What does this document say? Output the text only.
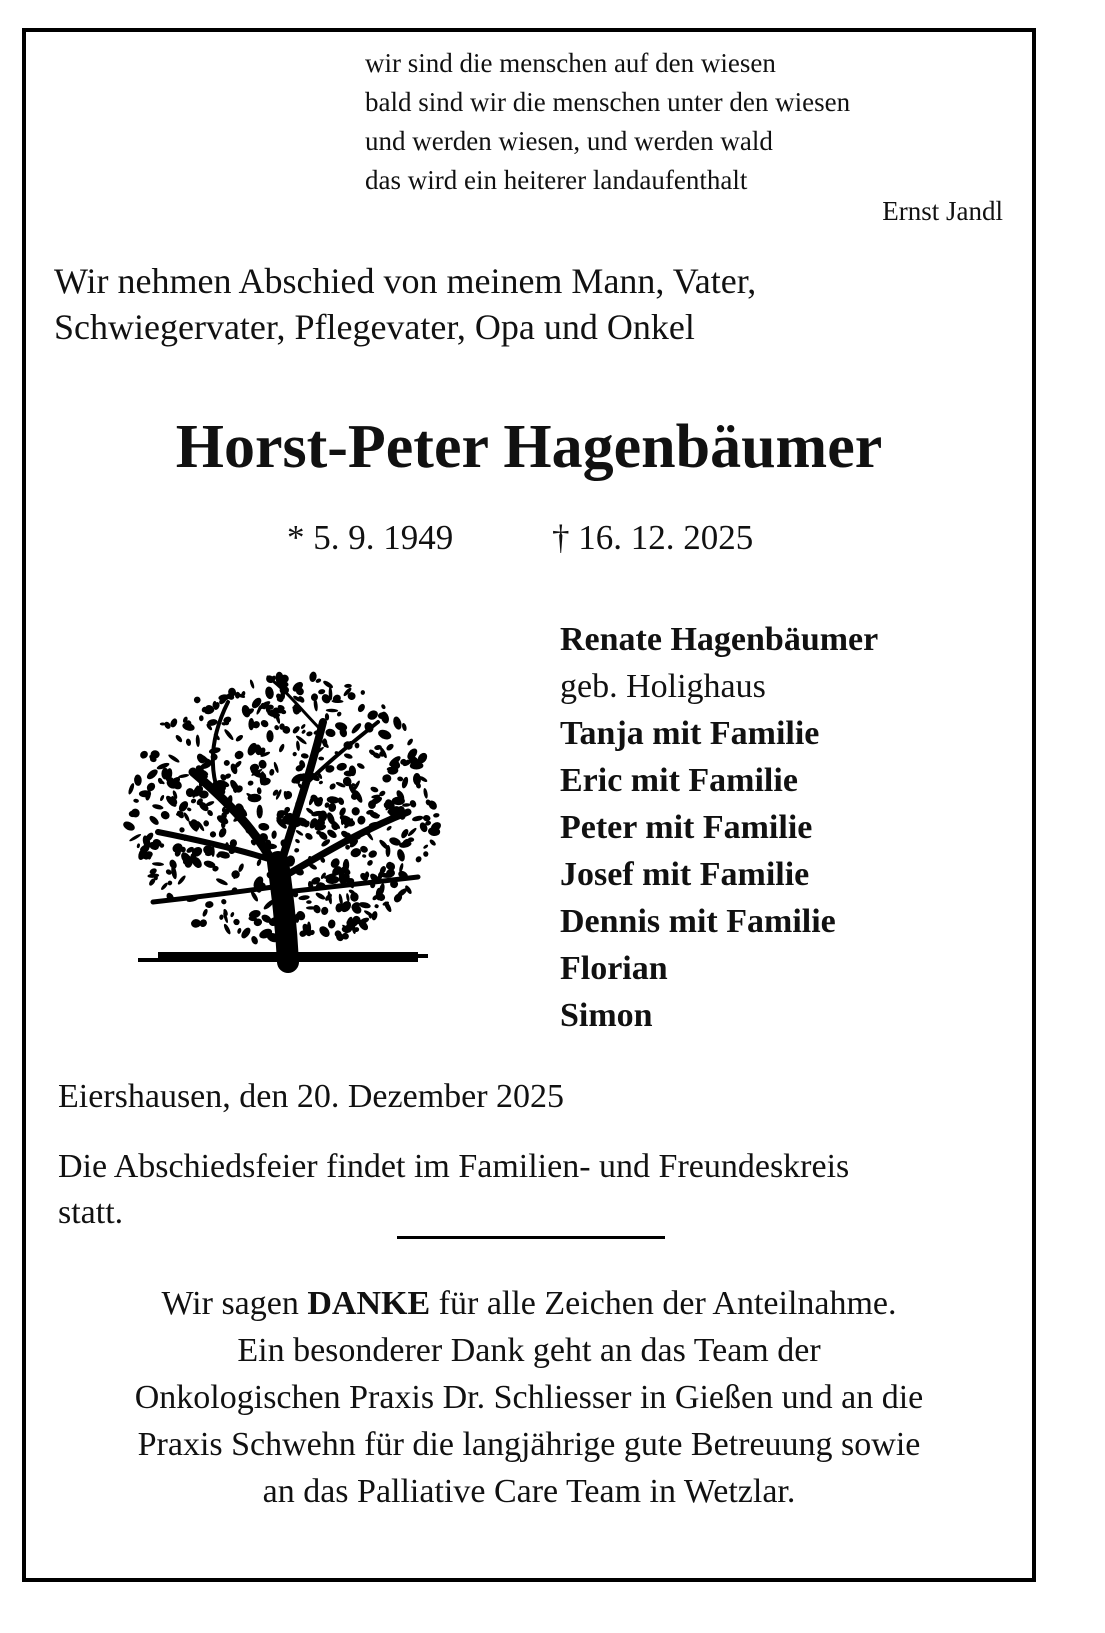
wir sind die menschen auf den wiesen
bald sind wir die menschen unter den wiesen
und werden wiesen, und werden wald
das wird ein heiterer landaufenthalt
Ernst Jandl
Wir nehmen Abschied von meinem Mann, Vater,
Schwiegervater, Pflegevater, Opa und Onkel
Horst-Peter Hagenbäumer
* 5. 9. 1949	† 16. 12. 2025
Renate Hagenbäumer
geb. Holighaus
Tanja mit Familie
Eric mit Familie
Peter mit Familie
Josef mit Familie
Dennis mit Familie
Florian
Simon
Eiershausen, den 20. Dezember 2025
Die Abschiedsfeier findet im Familien- und Freundeskreis
statt.
Wir sagen DANKE für alle Zeichen der Anteilnahme.
Ein besonderer Dank geht an das Team der
Onkologischen Praxis Dr. Schliesser in Gießen und an die
Praxis Schwehn für die langjährige gute Betreuung sowie
an das Palliative Care Team in Wetzlar.
